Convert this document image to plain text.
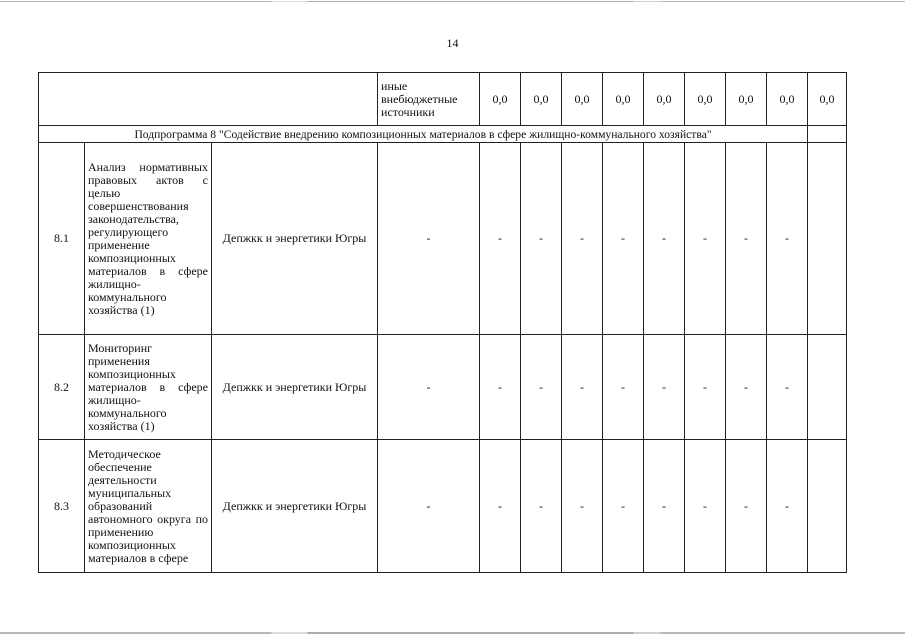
14
			иные внебюджетные источники	0,0	0,0	0,0	0,0	0,0	0,0	0,0	0,0	0,0
Подпрограмма 8 "Содействие внедрению композиционных материалов в сфере жилищно-коммунального хозяйства"												
8.1	Анализ нормативных правовых актов с целью совершенствования законодательства, регулирующего применение композиционных материалов в сфере жилищно-коммунального хозяйства (1)	Депжкк и энергетики Югры	-	-	-	-	-	-	-	-	-	
8.2	Мониторинг применения композиционных материалов в сфере жилищно-коммунального хозяйства (1)	Депжкк и энергетики Югры	-	-	-	-	-	-	-	-	-	
8.3	Методическое обеспечение деятельности муниципальных образований автономного округа по применению композиционных материалов в сфере	Депжкк и энергетики Югры	-	-	-	-	-	-	-	-	-	
